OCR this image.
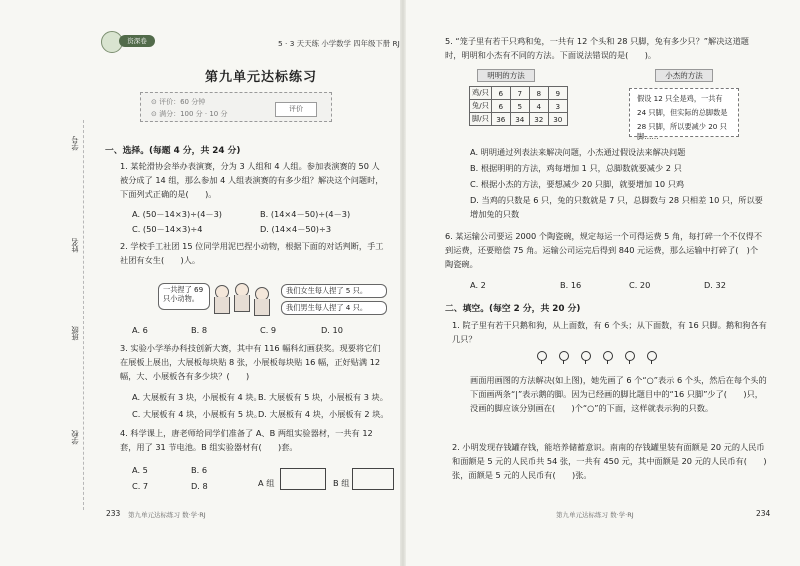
资深卷	5 · 3 天天练 小学数学 四年级下册 RJ
第九单元达标练习
⊙ 评价：60 分钟
⊙ 满分：100 分 · 10 分
评价
学号
姓名
班级
学校
一、选择。(每题 4 分，共 24 分)
1. 某轮滑协会举办表演赛，分为 3 人组和 4 人组。参加表演赛的 50 人被分成了 14 组，那么参加 4 人组表演赛的有多少组？解决这个问题时，下面列式正确的是(　　)。
A. (50－14×3)÷(4－3)	B. (14×4－50)÷(4－3)
C. (50－14×3)÷4	D. (14×4－50)÷3
2. 学校手工社团 15 位同学用泥巴捏小动物，根据下面的对话判断，手工社团有女生(　　)人。
一共捏了 69 只小动物。
我们女生每人捏了 5 只。
我们男生每人捏了 4 只。
A. 6	B. 8	C. 9	D. 10
3. 实验小学举办科技创新大赛，其中有 116 幅科幻画获奖。现要将它们在展板上展出，大展板每块贴 8 张，小展板每块贴 16 幅，正好贴满 12 幅，大、小展板各有多少块？(　　)
A. 大展板有 3 块，小展板有 4 块。
B. 大展板有 5 块，小展板有 3 块。
C. 大展板有 4 块，小展板有 5 块。
D. 大展板有 4 块，小展板有 2 块。
4. 科学课上，唐老师给同学们准备了 A、B 两组实验器材，一共有 12 套，用了 31 节电池。B 组实验器材有(　　)套。
A. 5	B. 6
C. 7	D. 8	A 组	B 组
233 第九单元达标练习 数·学·RJ
5. “笼子里有若干只鸡和兔，一共有 12 个头和 28 只脚，兔有多少只？”解决这道题时，明明和小杰有不同的方法。下面说法错误的是(　　)。
明明的方法	小杰的方法
鸡/只	6	7	8	9
兔/只	6	5	4	3
脚/只	36	34	32	30
假设 12 只全是鸡，一共有
24 只脚，但实际的总脚数是
28 只脚，所以要减少 20 只脚……
A. 明明通过列表法来解决问题，小杰通过假设法来解决问题
B. 根据明明的方法，鸡每增加 1 只，总脚数就要减少 2 只
C. 根据小杰的方法，要想减少 20 只脚，就要增加 10 只鸡
D. 当鸡的只数是 6 只，兔的只数就是 7 只，总脚数与 28 只相差 10 只，所以要增加兔的只数
6. 某运输公司要运 2000 个陶瓷碗，规定每运一个可得运费 5 角，每打碎一个不仅得不到运费，还要赔偿 75 角。运输公司运完后得到 840 元运费，那么运输中打碎了(　)个陶瓷碗。
A. 2	B. 16	C. 20	D. 32
二、填空。(每空 2 分，共 20 分)
1. 院子里有若干只鹅和狗，从上面数，有 6 个头；从下面数，有 16 只脚。鹅和狗各有几只？
画面用画图的方法解决(如上图)，她先画了 6 个“○”表示 6 个头，然后在每个头的下面画两条“|”表示鹅的脚。因为已经画的脚比题目中的“16 只脚”少了(　　)只，没画的脚应该分别画在(　　)个“○”的下面，这样就表示狗的只数。
2. 小明发现存钱罐存钱，能培养储蓄意识。南南的存钱罐里装有面额是 20 元的人民币和面额是 5 元的人民币共 54 张，一共有 450 元，其中面额是 20 元的人民币有(　　)张，面额是 5 元的人民币有(　　)张。
第九单元达标练习 数·学·RJ	234
